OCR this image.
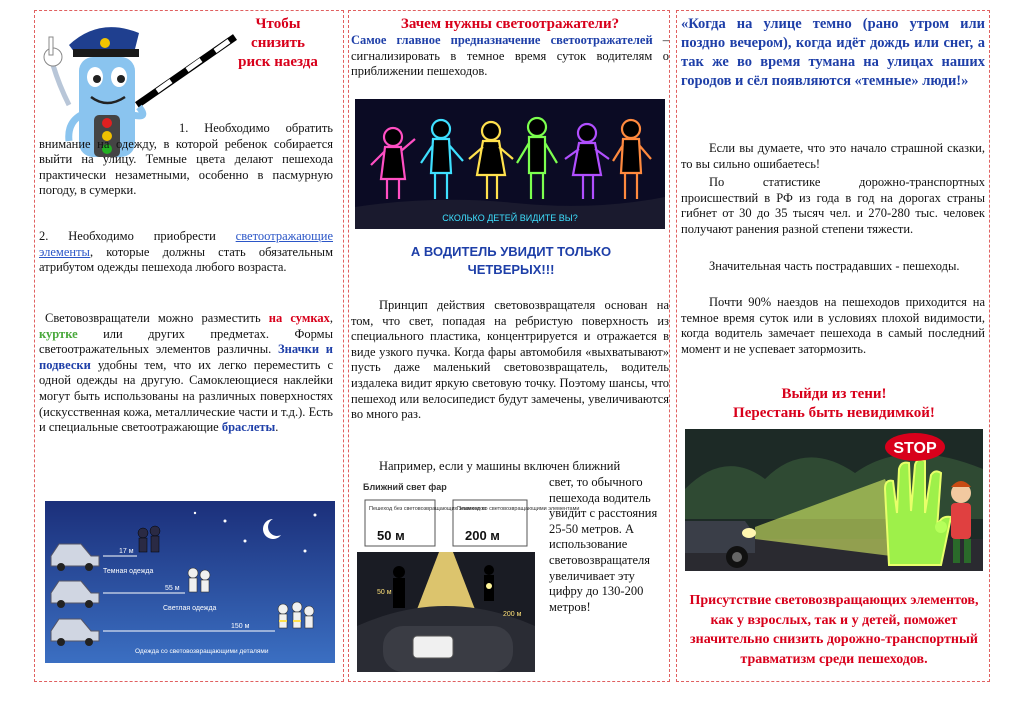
Чтобы снизить риск наезда

1. Необходимо обратить внимание на одежду, в которой ребенок собирается выйти на улицу. Темные цвета делают пешехода практически незаметными, особенно в пасмурную погоду, в сумерки.

2. Необходимо приобрести светоотражающие элементы, которые должны стать обязательным атрибутом одежды пешехода любого возраста.

Световозвращатели можно разместить на сумках, куртке или других предметах. Формы светоотражательных элементов различны. Значки и подвески удобны тем, что их легко переместить с одной одежды на другую. Самоклеющиеся наклейки могут быть использованы на различных поверхностях (искусственная кожа, металлические части и т.д.). Есть и специальные светоотражающие браслеты.

17 м
Темная одежда
55 м
Светлая одежда
150 м
Одежда со световозвращающими деталями

Зачем нужны светоотражатели?

Самое главное предназначение светоотражателей – сигнализировать в темное время суток водителям о приближении пешеходов.

СКОЛЬКО ДЕТЕЙ ВИДИТЕ ВЫ?

А ВОДИТЕЛЬ УВИДИТ ТОЛЬКО ЧЕТВЕРЫХ!!!

Принцип действия световозвращателя основан на том, что свет, попадая на ребристую поверхность из специального пластика, концентрируется и отражается в виде узкого пучка. Когда фары автомобиля «выхватывают» пусть даже маленький световозвращатель, водитель издалека видит яркую световую точку. Поэтому шансы, что пешеход или велосипедист будут замечены, увеличиваются во много раз.

Например, если у машины включен ближний

Ближний свет фар
Пешеход без световозвращающих элементов
Пешеход со световозвращающими элементами
50 м	200 м
50 м
200 м

свет, то обычного пешехода водитель увидит с расстояния 25-50 метров. А использование световозвращателя увеличивает эту цифру до 130-200 метров!

«Когда на улице темно (рано утром или поздно вечером), когда идёт дождь или снег, а так же во время тумана на улицах наших городов и сёл появляются «темные» люди!»

Если вы думаете, что это начало страшной сказки, то вы сильно ошибаетесь!

По статистике дорожно-транспортных происшествий в РФ из года в год на дорогах страны гибнет от 30 до 35 тысяч чел. и 270-280 тыс. человек получают ранения разной степени тяжести.

Значительная часть пострадавших - пешеходы.

Почти 90% наездов на пешеходов приходится на темное время суток или в условиях плохой видимости, когда водитель замечает пешехода в самый последний момент и не успевает затормозить.

Выйди из тени!

Перестань быть невидимкой!

STOP

Присутствие световозвращающих элементов, как у взрослых, так и у детей, поможет значительно снизить дорожно-транспортный травматизм среди пешеходов.
